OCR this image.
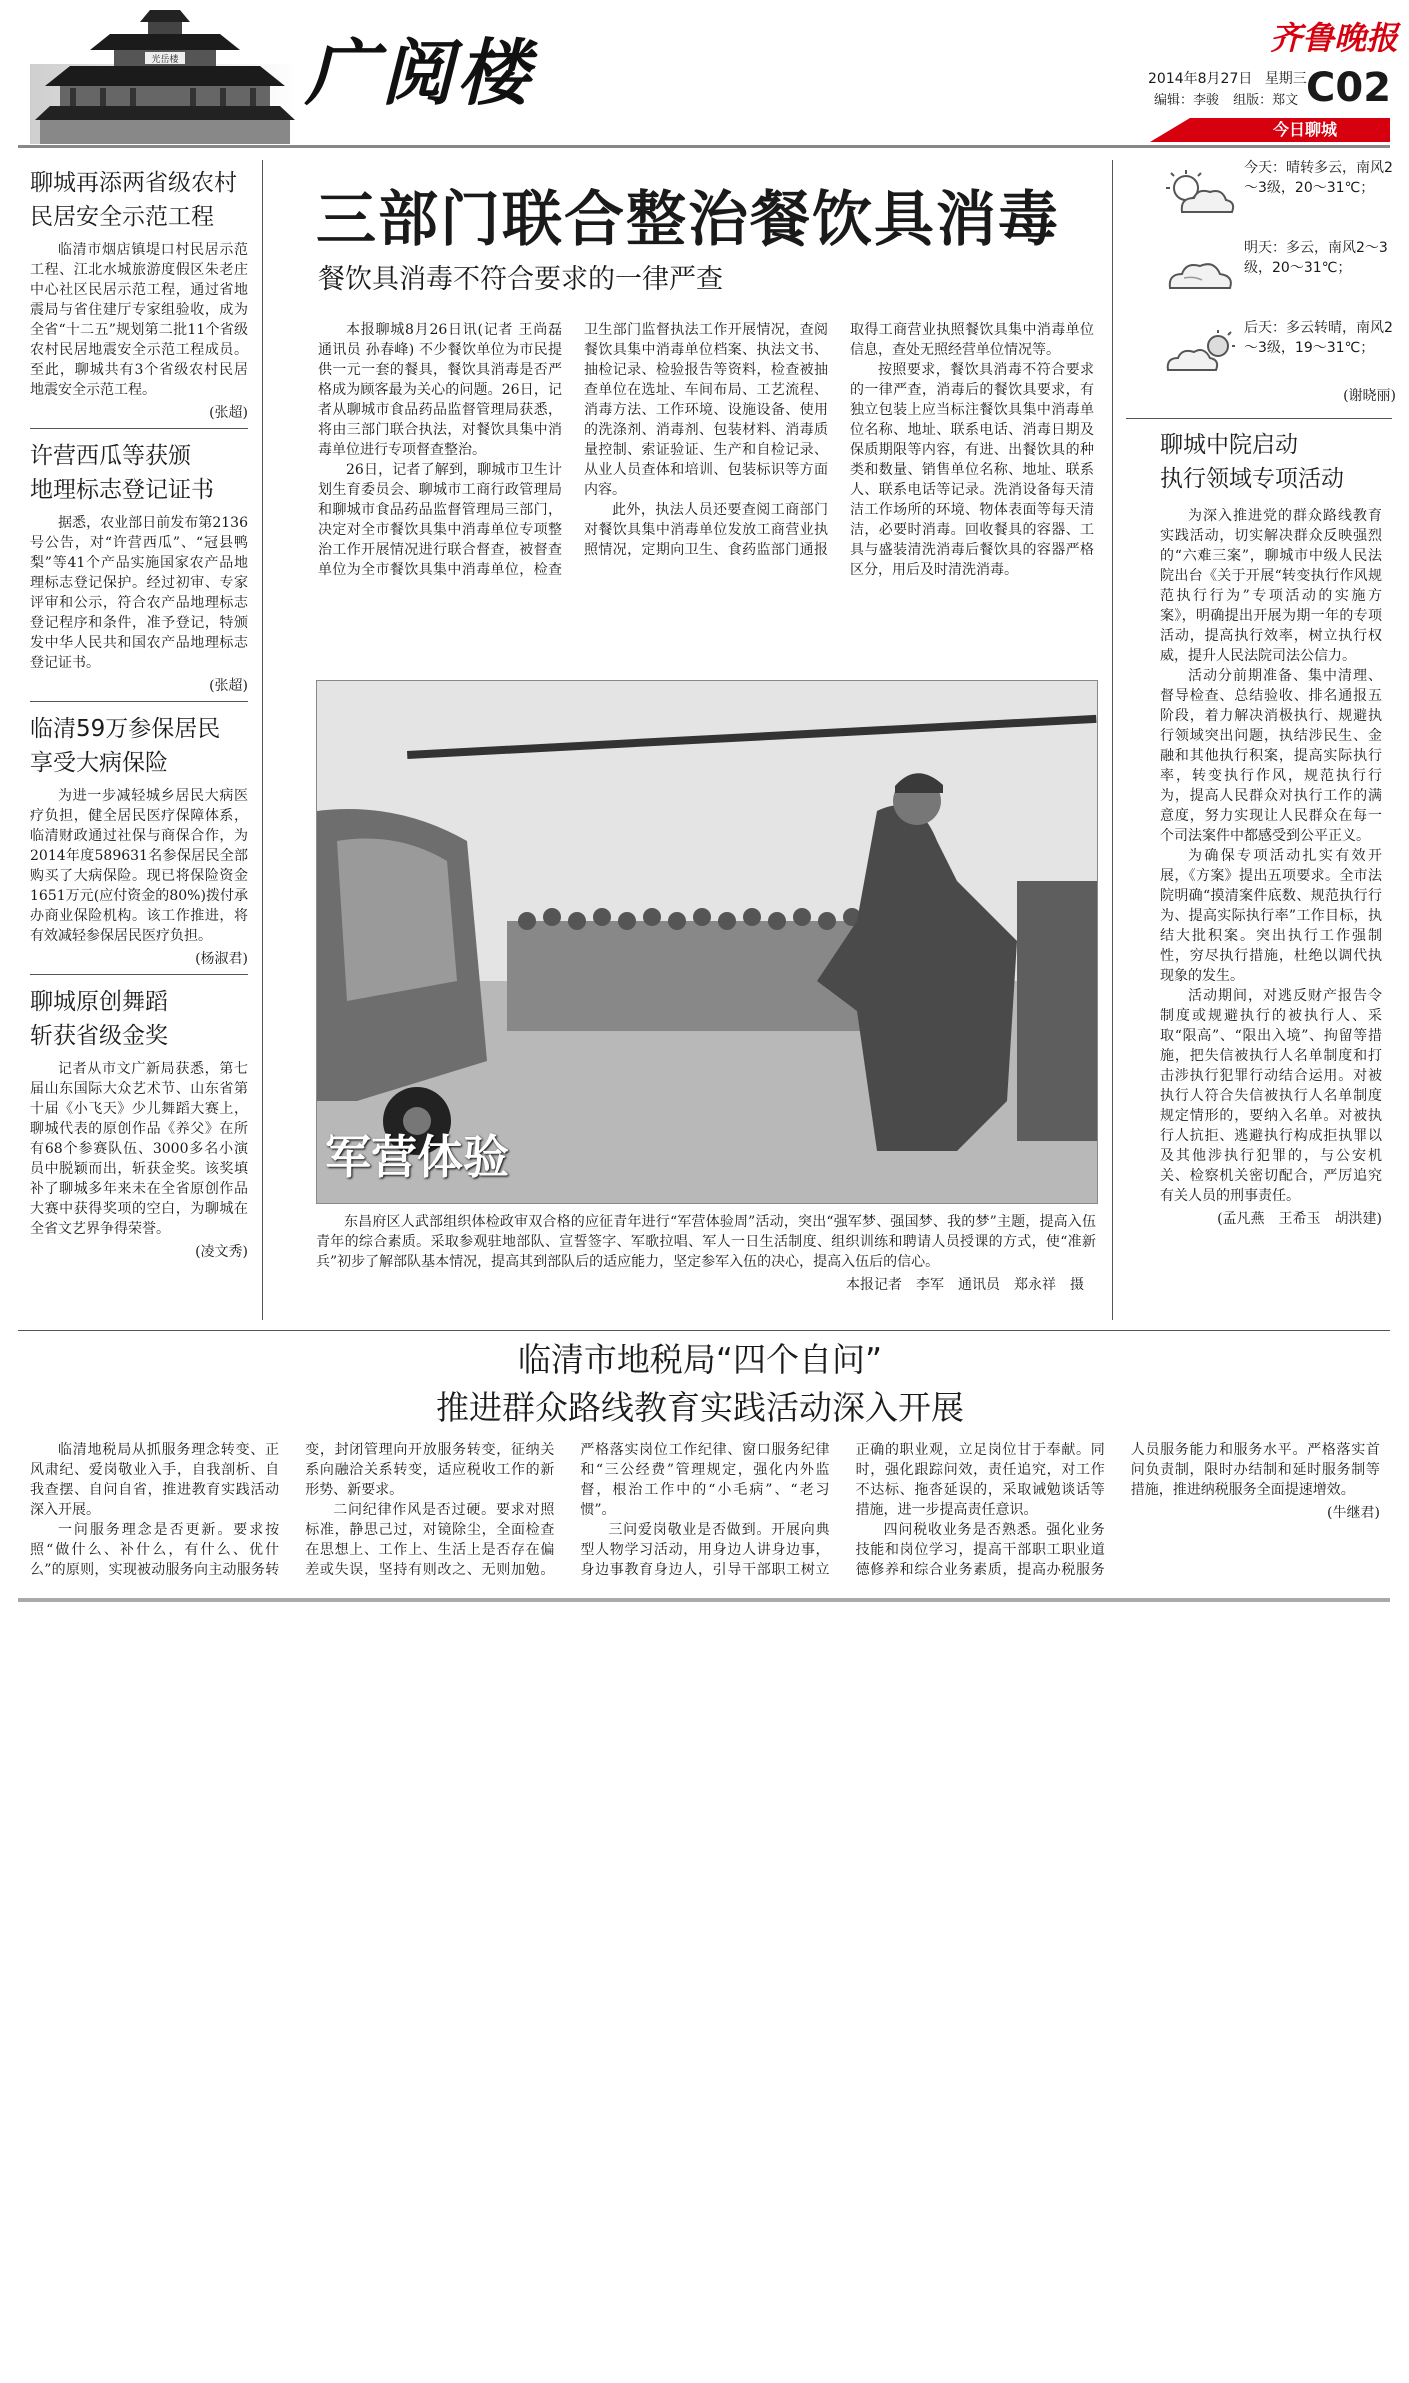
光岳楼 广阅楼	齐鲁晚报
2014年8月27日 星期三
编辑：李骏 组版：郑文 C02
今日聊城
聊城再添两省级农村
民居安全示范工程

临清市烟店镇堤口村民居示范工程、江北水城旅游度假区朱老庄中心社区民居示范工程，通过省地震局与省住建厅专家组验收，成为全省“十二五”规划第二批11个省级农村民居地震安全示范工程成员。至此，聊城共有3个省级农村民居地震安全示范工程。

(张超)

许营西瓜等获颁
地理标志登记证书

据悉，农业部日前发布第2136号公告，对“许营西瓜”、“冠县鸭梨”等41个产品实施国家农产品地理标志登记保护。经过初审、专家评审和公示，符合农产品地理标志登记程序和条件，准予登记，特颁发中华人民共和国农产品地理标志登记证书。

(张超)

临清59万参保居民
享受大病保险

为进一步减轻城乡居民大病医疗负担，健全居民医疗保障体系，临清财政通过社保与商保合作，为2014年度589631名参保居民全部购买了大病保险。现已将保险资金1651万元(应付资金的80%)拨付承办商业保险机构。该工作推进，将有效减轻参保居民医疗负担。

(杨淑君)

聊城原创舞蹈
斩获省级金奖

记者从市文广新局获悉，第七届山东国际大众艺术节、山东省第十届《小飞天》少儿舞蹈大赛上，聊城代表的原创作品《养父》在所有68个参赛队伍、3000多名小演员中脱颖而出，斩获金奖。该奖填补了聊城多年来未在全省原创作品大赛中获得奖项的空白，为聊城在全省文艺界争得荣誉。

(凌文秀)

三部门联合整治餐饮具消毒
餐饮具消毒不符合要求的一律严查

本报聊城8月26日讯(记者 王尚磊 通讯员 孙春峰) 不少餐饮单位为市民提供一元一套的餐具，餐饮具消毒是否严格成为顾客最为关心的问题。26日，记者从聊城市食品药品监督管理局获悉，将由三部门联合执法，对餐饮具集中消毒单位进行专项督查整治。

26日，记者了解到，聊城市卫生计划生育委员会、聊城市工商行政管理局和聊城市食品药品监督管理局三部门，决定对全市餐饮具集中消毒单位专项整治工作开展情况进行联合督查，被督查单位为全市餐饮具集中消毒单位，检查卫生部门监督执法工作开展情况，查阅餐饮具集中消毒单位档案、执法文书、抽检记录、检验报告等资料，检查被抽查单位在选址、车间布局、工艺流程、消毒方法、工作环境、设施设备、使用的洗涤剂、消毒剂、包装材料、消毒质量控制、索证验证、生产和自检记录、从业人员查体和培训、包装标识等方面内容。

此外，执法人员还要查阅工商部门对餐饮具集中消毒单位发放工商营业执照情况，定期向卫生、食药监部门通报取得工商营业执照餐饮具集中消毒单位信息，查处无照经营单位情况等。

按照要求，餐饮具消毒不符合要求的一律严查，消毒后的餐饮具要求，有独立包装上应当标注餐饮具集中消毒单位名称、地址、联系电话、消毒日期及保质期限等内容，有进、出餐饮具的种类和数量、销售单位名称、地址、联系人、联系电话等记录。洗消设备每天清洁工作场所的环境、物体表面等每天清洁，必要时消毒。回收餐具的容器、工具与盛装清洗消毒后餐饮具的容器严格区分，用后及时清洗消毒。

军营体验

东昌府区人武部组织体检政审双合格的应征青年进行“军营体验周”活动，突出“强军梦、强国梦、我的梦”主题，提高入伍青年的综合素质。采取参观驻地部队、宣誓签字、军歌拉唱、军人一日生活制度、组织训练和聘请人员授课的方式，使“准新兵”初步了解部队基本情况，提高其到部队后的适应能力，坚定参军入伍的决心，提高入伍后的信心。

本报记者　李军　通讯员　郑永祥　摄

今天：晴转多云，南风2～3级，20～31℃；
明天：多云，南风2～3级，20～31℃；
后天：多云转晴，南风2～3级，19～31℃；
(谢晓丽)
聊城中院启动
执行领域专项活动

为深入推进党的群众路线教育实践活动，切实解决群众反映强烈的“六难三案”，聊城市中级人民法院出台《关于开展“转变执行作风规范执行行为”专项活动的实施方案》，明确提出开展为期一年的专项活动，提高执行效率，树立执行权威，提升人民法院司法公信力。

活动分前期准备、集中清理、督导检查、总结验收、排名通报五阶段，着力解决消极执行、规避执行领域突出问题，执结涉民生、金融和其他执行积案，提高实际执行率，转变执行作风，规范执行行为，提高人民群众对执行工作的满意度，努力实现让人民群众在每一个司法案件中都感受到公平正义。

为确保专项活动扎实有效开展，《方案》提出五项要求。全市法院明确“摸清案件底数、规范执行行为、提高实际执行率”工作目标，执结大批积案。突出执行工作强制性，穷尽执行措施，杜绝以调代执现象的发生。

活动期间，对逃反财产报告令制度或规避执行的被执行人、采取“限高”、“限出入境”、拘留等措施，把失信被执行人名单制度和打击涉执行犯罪行动结合运用。对被执行人符合失信被执行人名单制度规定情形的，要纳入名单。对被执行人抗拒、逃避执行构成拒执罪以及其他涉执行犯罪的，与公安机关、检察机关密切配合，严厉追究有关人员的刑事责任。

(孟凡燕　王希玉　胡洪建)

临清市地税局“四个自问”
推进群众路线教育实践活动深入开展

临清地税局从抓服务理念转变、正风肃纪、爱岗敬业入手，自我剖析、自我查摆、自问自省，推进教育实践活动深入开展。

一问服务理念是否更新。要求按照“做什么、补什么，有什么、优什么”的原则，实现被动服务向主动服务转变，封闭管理向开放服务转变，征纳关系向融洽关系转变，适应税收工作的新形势、新要求。

二问纪律作风是否过硬。要求对照标准，静思己过，对镜除尘，全面检查在思想上、工作上、生活上是否存在偏差或失误，坚持有则改之、无则加勉。严格落实岗位工作纪律、窗口服务纪律和“三公经费”管理规定，强化内外监督，根治工作中的“小毛病”、“老习惯”。

三问爱岗敬业是否做到。开展向典型人物学习活动，用身边人讲身边事，身边事教育身边人，引导干部职工树立正确的职业观，立足岗位甘于奉献。同时，强化跟踪问效，责任追究，对工作不达标、拖沓延误的，采取诫勉谈话等措施，进一步提高责任意识。

四问税收业务是否熟悉。强化业务技能和岗位学习，提高干部职工职业道德修养和综合业务素质，提高办税服务人员服务能力和服务水平。严格落实首问负责制，限时办结制和延时服务制等措施，推进纳税服务全面提速增效。

(牛继君)
